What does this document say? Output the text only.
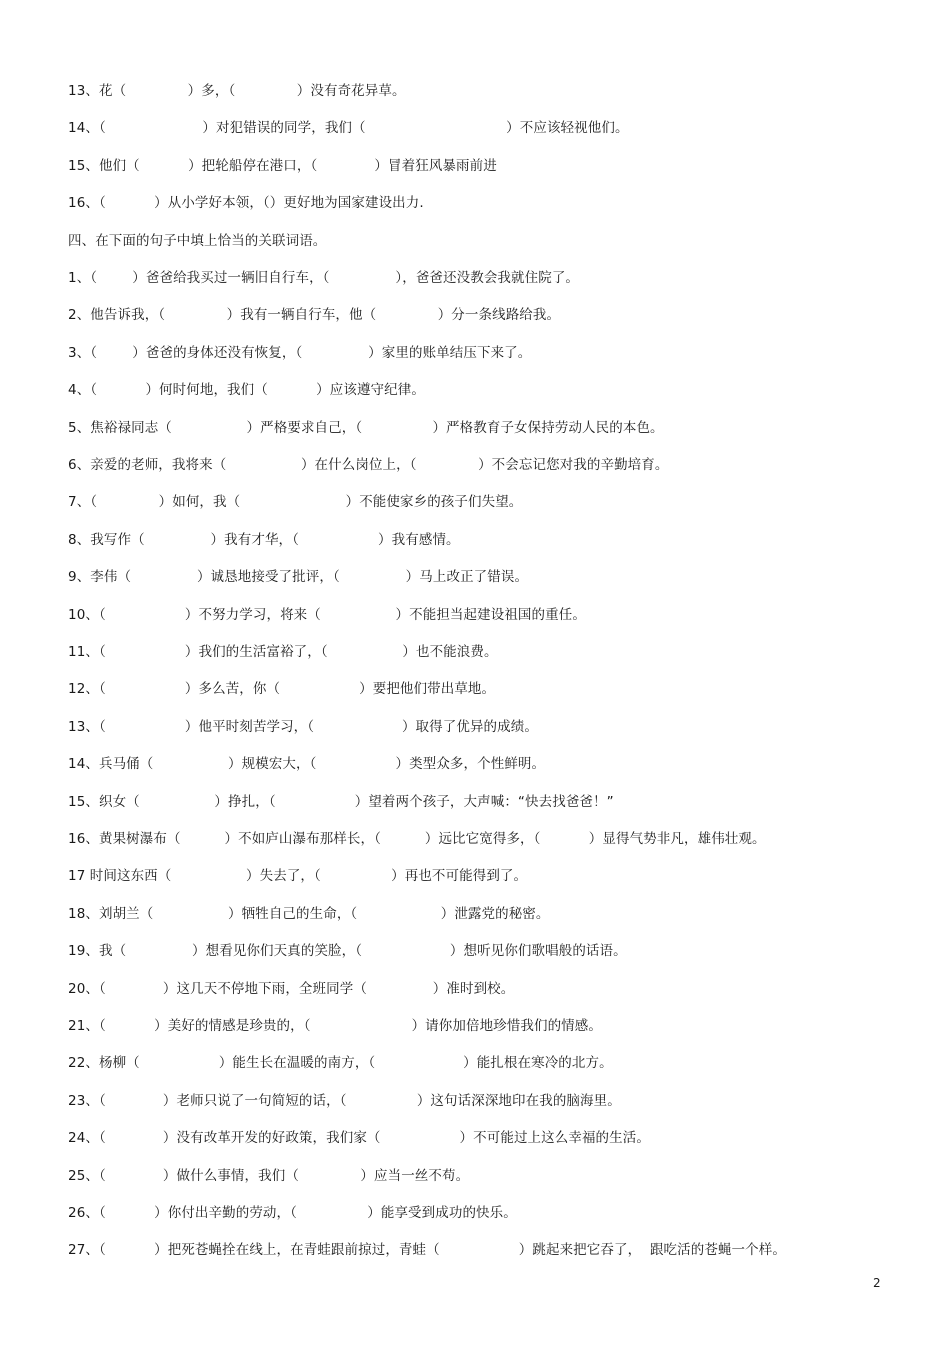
13、花（              ）多，（              ）没有奇花异草。
14、（                      ）对犯错误的同学，我们（                                ）不应该轻视他们。
15、他们（           ）把轮船停在港口，（             ）冒着狂风暴雨前进
16、（           ）从小学好本领，（）更好地为国家建设出力.
四、在下面的句子中填上恰当的关联词语。
1、（        ）爸爸给我买过一辆旧自行车，（               ），爸爸还没教会我就住院了。
2、他告诉我，（              ）我有一辆自行车，他（              ）分一条线路给我。
3、（        ）爸爸的身体还没有恢复，（               ）家里的账单结压下来了。
4、（           ）何时何地，我们（           ）应该遵守纪律。
5、焦裕禄同志（                 ）严格要求自己，（                ）严格教育子女保持劳动人民的本色。
6、亲爱的老师，我将来（                 ）在什么岗位上，（              ）不会忘记您对我的辛勤培育。
7、（              ）如何，我（                        ）不能使家乡的孩子们失望。
8、我写作（               ）我有才华，（                  ）我有感情。
9、李伟（               ）诚恳地接受了批评，（               ）马上改正了错误。
10、（                  ）不努力学习，将来（                 ）不能担当起建设祖国的重任。
11、（                  ）我们的生活富裕了，（                 ）也不能浪费。
12、（                  ）多么苦，你（                  ）要把他们带出草地。
13、（                  ）他平时刻苦学习，（                    ）取得了优异的成绩。
14、兵马俑（                 ）规模宏大，（                  ）类型众多，个性鲜明。
15、织女（                 ）挣扎，（                  ）望着两个孩子，大声喊：“快去找爸爸！”
16、黄果树瀑布（          ）不如庐山瀑布那样长，（          ）远比它宽得多，（           ）显得气势非凡，雄伟壮观。
17 时间这东西（                 ）失去了，（                ）再也不可能得到了。
18、刘胡兰（                 ）牺牲自己的生命，（                   ）泄露党的秘密。
19、我（               ）想看见你们天真的笑脸，（                    ）想听见你们歌唱般的话语。
20、（             ）这几天不停地下雨，全班同学（               ）准时到校。
21、（           ）美好的情感是珍贵的，（                       ）请你加倍地珍惜我们的情感。
22、杨柳（                  ）能生长在温暖的南方，（                    ）能扎根在寒冷的北方。
23、（             ）老师只说了一句简短的话，（                ）这句话深深地印在我的脑海里。
24、（             ）没有改革开发的好政策，我们家（                  ）不可能过上这么幸福的生活。
25、（             ）做什么事情，我们（              ）应当一丝不苟。
26、（           ）你付出辛勤的劳动，（                ）能享受到成功的快乐。
27、（           ）把死苍蝇拴在线上，在青蛙跟前掠过，青蛙（                  ）跳起来把它吞了，  跟吃活的苍蝇一个样。
2
